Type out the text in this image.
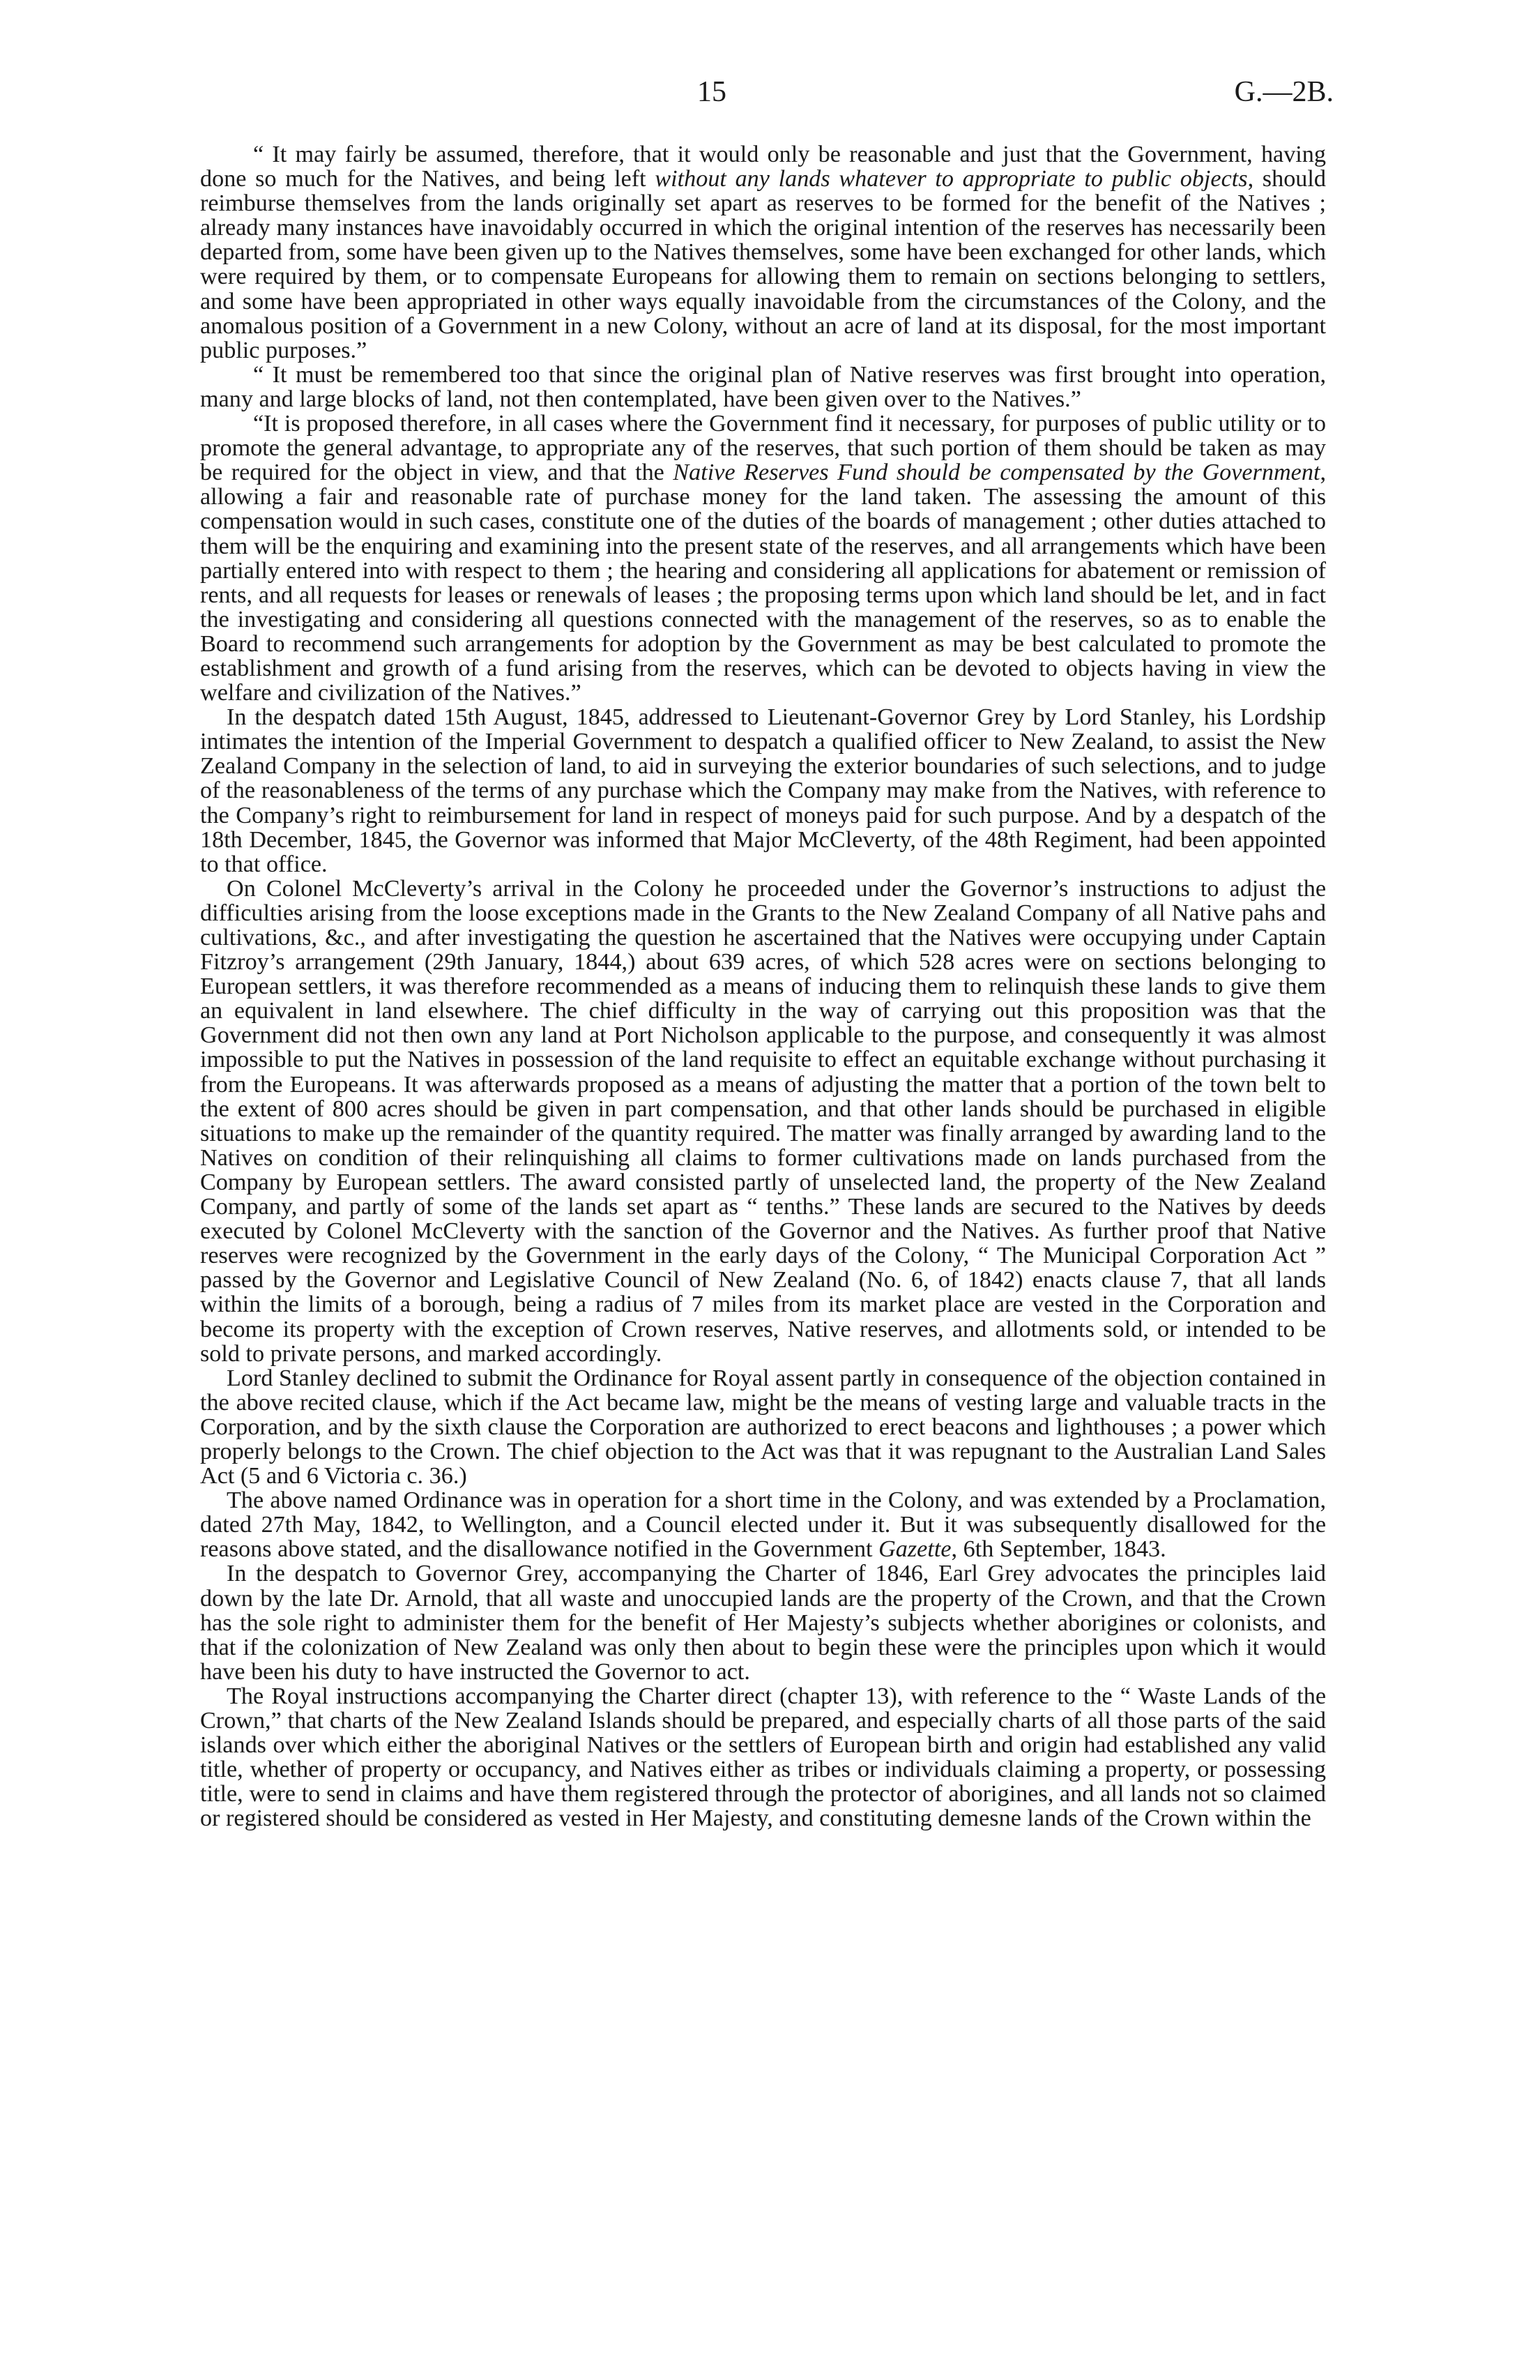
15	G.—2B.

“ It may fairly be assumed, therefore, that it would only be reasonable and just that the Government, having done so much for the Natives, and being left without any lands whatever to appropriate to public objects, should reimburse themselves from the lands originally set apart as reserves to be formed for the benefit of the Natives ; already many instances have inavoidably occurred in which the original intention of the reserves has necessarily been departed from, some have been given up to the Natives themselves, some have been exchanged for other lands, which were required by them, or to compensate Europeans for allowing them to remain on sections belonging to settlers, and some have been appropriated in other ways equally inavoidable from the circumstances of the Colony, and the anomalous position of a Government in a new Colony, without an acre of land at its disposal, for the most important public purposes.”

“ It must be remembered too that since the original plan of Native reserves was first brought into operation, many and large blocks of land, not then contemplated, have been given over to the Natives.”

“It is proposed therefore, in all cases where the Government find it necessary, for purposes of public utility or to promote the general advantage, to appropriate any of the reserves, that such portion of them should be taken as may be required for the object in view, and that the Native Reserves Fund should be compensated by the Government, allowing a fair and reasonable rate of purchase money for the land taken. The assessing the amount of this compensation would in such cases, constitute one of the duties of the boards of management ; other duties attached to them will be the enquiring and examining into the present state of the reserves, and all arrangements which have been partially entered into with respect to them ; the hearing and considering all applications for abatement or remission of rents, and all requests for leases or renewals of leases ; the proposing terms upon which land should be let, and in fact the investigating and considering all questions connected with the management of the reserves, so as to enable the Board to recommend such arrangements for adoption by the Government as may be best calculated to promote the establishment and growth of a fund arising from the reserves, which can be devoted to objects having in view the welfare and civilization of the Natives.”

In the despatch dated 15th August, 1845, addressed to Lieutenant-Governor Grey by Lord Stanley, his Lordship intimates the intention of the Imperial Government to despatch a qualified officer to New Zealand, to assist the New Zealand Company in the selection of land, to aid in surveying the exterior boundaries of such selections, and to judge of the reasonableness of the terms of any purchase which the Company may make from the Natives, with reference to the Company’s right to reimbursement for land in respect of moneys paid for such purpose. And by a despatch of the 18th December, 1845, the Governor was informed that Major McCleverty, of the 48th Regiment, had been appointed to that office.

On Colonel McCleverty’s arrival in the Colony he proceeded under the Governor’s instructions to adjust the difficulties arising from the loose exceptions made in the Grants to the New Zealand Company of all Native pahs and cultivations, &c., and after investigating the question he ascertained that the Natives were occupying under Captain Fitzroy’s arrangement (29th January, 1844,) about 639 acres, of which 528 acres were on sections belonging to European settlers, it was therefore recommended as a means of inducing them to relinquish these lands to give them an equivalent in land elsewhere. The chief difficulty in the way of carrying out this proposition was that the Government did not then own any land at Port Nicholson applicable to the purpose, and consequently it was almost impossible to put the Natives in possession of the land requisite to effect an equitable exchange without purchasing it from the Europeans. It was afterwards proposed as a means of adjusting the matter that a portion of the town belt to the extent of 800 acres should be given in part compensation, and that other lands should be purchased in eligible situations to make up the remainder of the quantity required. The matter was finally arranged by awarding land to the Natives on condition of their relinquishing all claims to former cultivations made on lands purchased from the Company by European settlers. The award consisted partly of unselected land, the property of the New Zealand Company, and partly of some of the lands set apart as “ tenths.” These lands are secured to the Natives by deeds executed by Colonel McCleverty with the sanction of the Governor and the Natives. As further proof that Native reserves were recognized by the Government in the early days of the Colony, “ The Municipal Corporation Act ” passed by the Governor and Legislative Council of New Zealand (No. 6, of 1842) enacts clause 7, that all lands within the limits of a borough, being a radius of 7 miles from its market place are vested in the Corporation and become its property with the exception of Crown reserves, Native reserves, and allotments sold, or intended to be sold to private persons, and marked accordingly.

Lord Stanley declined to submit the Ordinance for Royal assent partly in consequence of the objection contained in the above recited clause, which if the Act became law, might be the means of vesting large and valuable tracts in the Corporation, and by the sixth clause the Corporation are authorized to erect beacons and lighthouses ; a power which properly belongs to the Crown. The chief objection to the Act was that it was repugnant to the Australian Land Sales Act (5 and 6 Victoria c. 36.)

The above named Ordinance was in operation for a short time in the Colony, and was extended by a Proclamation, dated 27th May, 1842, to Wellington, and a Council elected under it. But it was subsequently disallowed for the reasons above stated, and the disallowance notified in the Government Gazette, 6th September, 1843.

In the despatch to Governor Grey, accompanying the Charter of 1846, Earl Grey advocates the principles laid down by the late Dr. Arnold, that all waste and unoccupied lands are the property of the Crown, and that the Crown has the sole right to administer them for the benefit of Her Majesty’s subjects whether aborigines or colonists, and that if the colonization of New Zealand was only then about to begin these were the principles upon which it would have been his duty to have instructed the Governor to act.

The Royal instructions accompanying the Charter direct (chapter 13), with reference to the “ Waste Lands of the Crown,” that charts of the New Zealand Islands should be prepared, and especially charts of all those parts of the said islands over which either the aboriginal Natives or the settlers of European birth and origin had established any valid title, whether of property or occupancy, and Natives either as tribes or individuals claiming a property, or possessing title, were to send in claims and have them registered through the protector of aborigines, and all lands not so claimed or registered should be considered as vested in Her Majesty, and constituting demesne lands of the Crown within the
